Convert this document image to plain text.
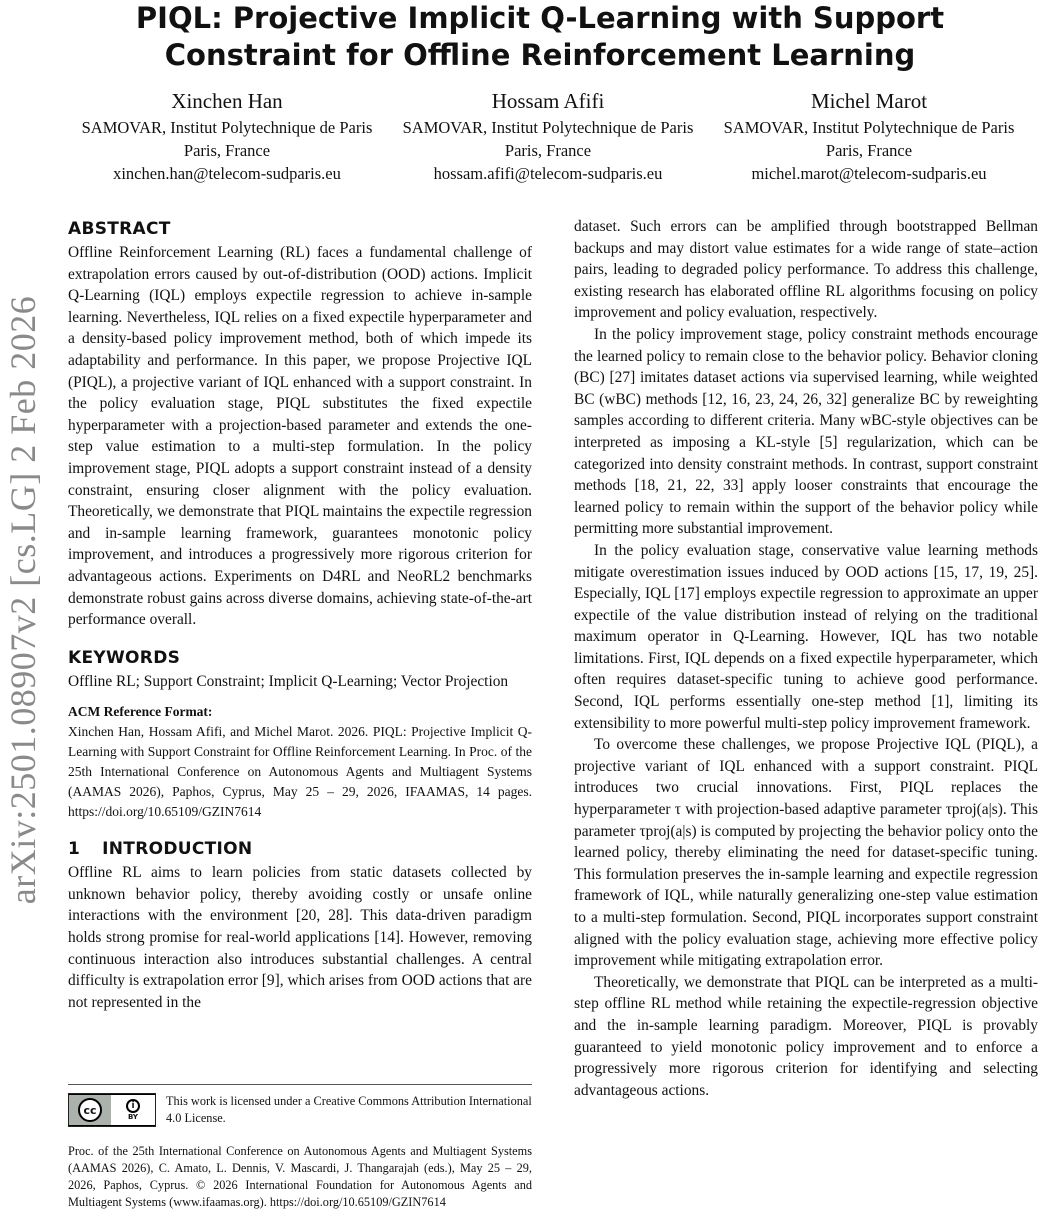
arXiv:2501.08907v2 [cs.LG] 2 Feb 2026
PIQL: Projective Implicit Q-Learning with Support Constraint for Offline Reinforcement Learning
Xinchen Han
SAMOVAR, Institut Polytechnique de Paris
Paris, France
xinchen.han@telecom-sudparis.eu
Hossam Afifi
SAMOVAR, Institut Polytechnique de Paris
Paris, France
hossam.afifi@telecom-sudparis.eu
Michel Marot
SAMOVAR, Institut Polytechnique de Paris
Paris, France
michel.marot@telecom-sudparis.eu
ABSTRACT

Offline Reinforcement Learning (RL) faces a fundamental challenge of extrapolation errors caused by out-of-distribution (OOD) actions. Implicit Q-Learning (IQL) employs expectile regression to achieve in-sample learning. Nevertheless, IQL relies on a fixed expectile hyperparameter and a density-based policy improvement method, both of which impede its adaptability and performance. In this paper, we propose Projective IQL (PIQL), a projective variant of IQL enhanced with a support constraint. In the policy evaluation stage, PIQL substitutes the fixed expectile hyperparameter with a projection-based parameter and extends the one-step value estimation to a multi-step formulation. In the policy improvement stage, PIQL adopts a support constraint instead of a density constraint, ensuring closer alignment with the policy evaluation. Theoretically, we demonstrate that PIQL maintains the expectile regression and in-sample learning framework, guarantees monotonic policy improvement, and introduces a progressively more rigorous criterion for advantageous actions. Experiments on D4RL and NeoRL2 benchmarks demonstrate robust gains across diverse domains, achieving state-of-the-art performance overall.

KEYWORDS

Offline RL; Support Constraint; Implicit Q-Learning; Vector Projection

ACM Reference Format:

Xinchen Han, Hossam Afifi, and Michel Marot. 2026. PIQL: Projective Implicit Q-Learning with Support Constraint for Offline Reinforcement Learning. In Proc. of the 25th International Conference on Autonomous Agents and Multiagent Systems (AAMAS 2026), Paphos, Cyprus, May 25 – 29, 2026, IFAAMAS, 14 pages. https://doi.org/10.65109/GZIN7614

1 INTRODUCTION

Offline RL aims to learn policies from static datasets collected by unknown behavior policy, thereby avoiding costly or unsafe online interactions with the environment [20, 28]. This data-driven paradigm holds strong promise for real-world applications [14]. However, removing continuous interaction also introduces substantial challenges. A central difficulty is extrapolation error [9], which arises from OOD actions that are not represented in the

dataset. Such errors can be amplified through bootstrapped Bellman backups and may distort value estimates for a wide range of state–action pairs, leading to degraded policy performance. To address this challenge, existing research has elaborated offline RL algorithms focusing on policy improvement and policy evaluation, respectively.

In the policy improvement stage, policy constraint methods encourage the learned policy to remain close to the behavior policy. Behavior cloning (BC) [27] imitates dataset actions via supervised learning, while weighted BC (wBC) methods [12, 16, 23, 24, 26, 32] generalize BC by reweighting samples according to different criteria. Many wBC-style objectives can be interpreted as imposing a KL-style [5] regularization, which can be categorized into density constraint methods. In contrast, support constraint methods [18, 21, 22, 33] apply looser constraints that encourage the learned policy to remain within the support of the behavior policy while permitting more substantial improvement.

In the policy evaluation stage, conservative value learning methods mitigate overestimation issues induced by OOD actions [15, 17, 19, 25]. Especially, IQL [17] employs expectile regression to approximate an upper expectile of the value distribution instead of relying on the traditional maximum operator in Q-Learning. However, IQL has two notable limitations. First, IQL depends on a fixed expectile hyperparameter, which often requires dataset-specific tuning to achieve good performance. Second, IQL performs essentially one-step method [1], limiting its extensibility to more powerful multi-step policy improvement framework.

To overcome these challenges, we propose Projective IQL (PIQL), a projective variant of IQL enhanced with a support constraint. PIQL introduces two crucial innovations. First, PIQL replaces the hyperparameter τ with projection-based adaptive parameter τproj(a|s). This parameter τproj(a|s) is computed by projecting the behavior policy onto the learned policy, thereby eliminating the need for dataset-specific tuning. This formulation preserves the in-sample learning and expectile regression framework of IQL, while naturally generalizing one-step value estimation to a multi-step formulation. Second, PIQL incorporates support constraint aligned with the policy evaluation stage, achieving more effective policy improvement while mitigating extrapolation error.

Theoretically, we demonstrate that PIQL can be interpreted as a multi-step offline RL method while retaining the expectile-regression objective and the in-sample learning paradigm. Moreover, PIQL is provably guaranteed to yield monotonic policy improvement and to enforce a progressively more rigorous criterion for identifying and selecting advantageous actions.

cc	i
BY
This work is licensed under a Creative Commons Attribution International 4.0 License.
Proc. of the 25th International Conference on Autonomous Agents and Multiagent Systems (AAMAS 2026), C. Amato, L. Dennis, V. Mascardi, J. Thangarajah (eds.), May 25 – 29, 2026, Paphos, Cyprus. © 2026 International Foundation for Autonomous Agents and Multiagent Systems (www.ifaamas.org). https://doi.org/10.65109/GZIN7614
